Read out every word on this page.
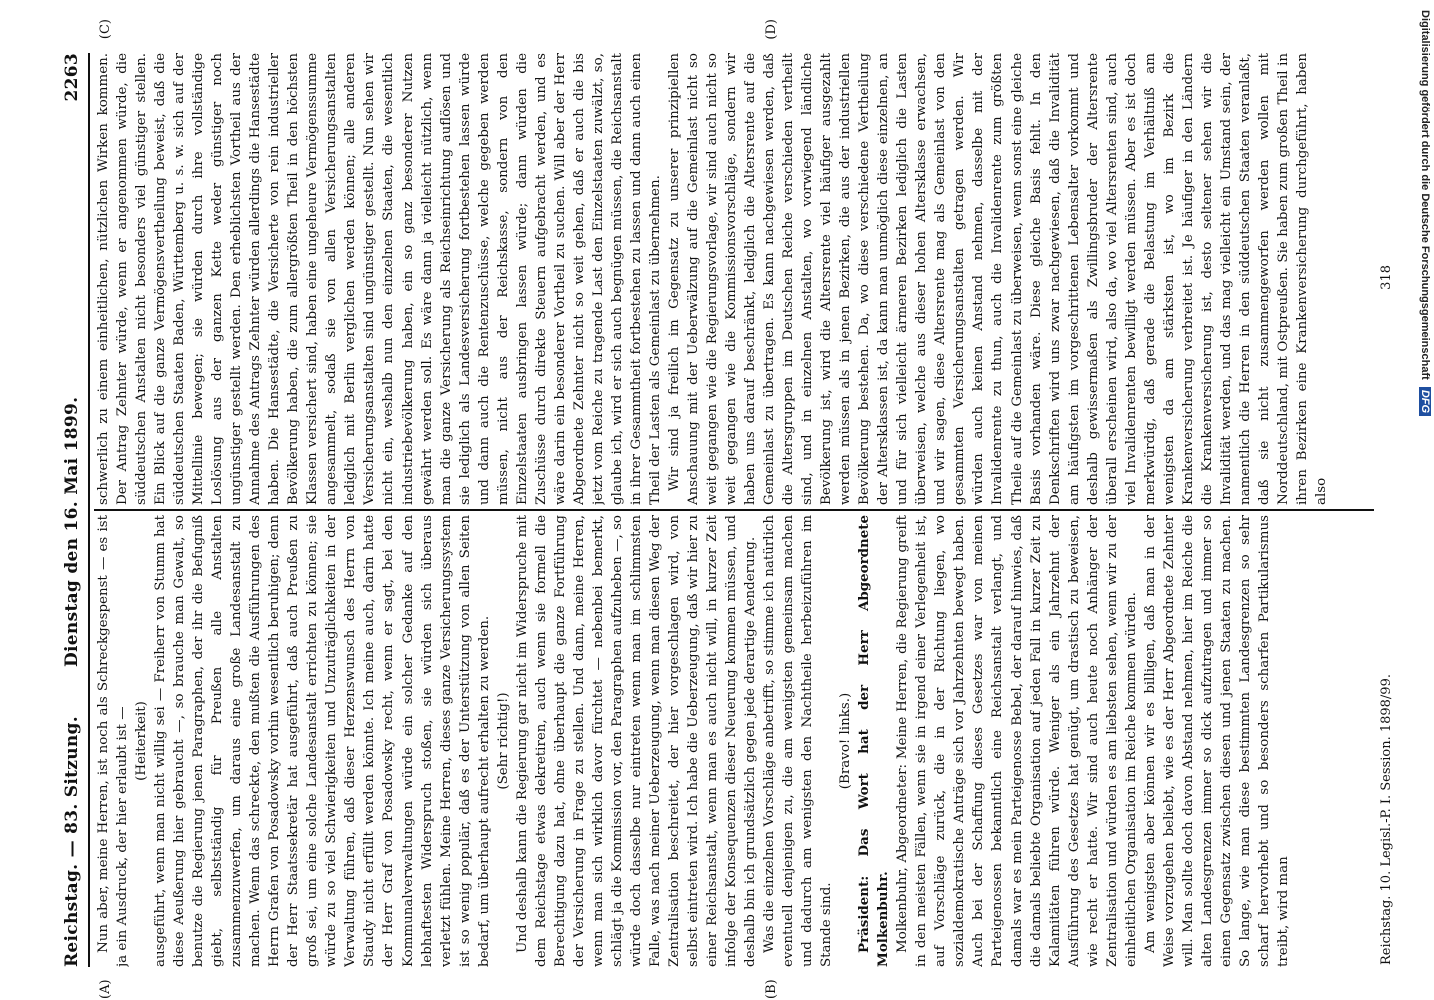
Reichstag. — 83. Sitzung.
Dienstag den 16. Mai 1899.
2263

Nun aber, meine Herren, ist noch als Schreckgespenst — es ist ja ein Ausdruck, der hier erlaubt ist — (Heiterkeit) ausgeführt, wenn man nicht willig sei — Freiherr von Stumm hat diese Aeußerung hier gebraucht —, so brauche man Gewalt, so benutze die Regierung jenen Paragraphen, der ihr die Befugniß giebt, selbstständig für Preußen alle Anstalten zusammenzuwerfen, um daraus eine große Landesanstalt zu machen. Wenn das schreckte, den mußten die Ausführungen des Herrn Grafen von Posadowsky vorhin wesentlich beruhigen; denn der Herr Staatssekretär hat ausgeführt, daß auch Preußen zu groß sei, um eine solche Landesanstalt errichten zu können; sie würde zu so viel Schwierigkeiten und Unzuträglichkeiten in der Verwaltung führen, daß dieser Herzenswunsch des Herrn von Staudy nicht erfüllt werden könnte. Ich meine auch, darin hatte der Herr Graf von Posadowsky recht, wenn er sagt, bei den Kommunalverwaltungen würde ein solcher Gedanke auf den lebhaftesten Widerspruch stoßen, sie würden sich überaus verletzt fühlen. Meine Herren, dieses ganze Versicherungssystem ist so wenig populär, daß es der Unterstützung von allen Seiten bedarf, um überhaupt aufrecht erhalten zu werden. (Sehr richtig!) Und deshalb kann die Regierung gar nicht im Widerspruche mit dem Reichstage etwas dekretiren, auch wenn sie formell die Berechtigung dazu hat, ohne überhaupt die ganze Fortführung der Versicherung in Frage zu stellen. Und dann, meine Herren, wenn man sich wirklich davor fürchtet — nebenbei bemerkt, schlägt ja die Kommission vor, den Paragraphen aufzuheben —, so würde doch dasselbe nur eintreten wenn man im schlimmsten Falle, was nach meiner Ueberzeugung, wenn man diesen Weg der Zentralisation beschreitet, der hier vorgeschlagen wird, von selbst eintreten wird. Ich habe die Ueberzeugung, daß wir hier zu einer Reichsanstalt, wenn man es auch nicht will, in kurzer Zeit infolge der Konsequenzen dieser Neuerung kommen müssen, und deshalb bin ich grundsätzlich gegen jede derartige Aenderung. Was die einzelnen Vorschläge anbetrifft, so stimme ich natürlich eventuell denjenigen zu, die am wenigsten gemeinsam machen und dadurch am wenigsten den Nachtheile herbeizuführen im Stande sind.

(Bravo! links.) Präsident: Das Wort hat der Herr Abgeordnete Molkenbuhr. Molkenbuhr, Abgeordneter: Meine Herren, die Regierung greift in den meisten Fällen, wenn sie in irgend einer Verlegenheit ist, auf Vorschläge zurück, die in der Richtung liegen, wo sozialdemokratische Anträge sich vor Jahrzehnten bewegt haben. Auch bei der Schaffung dieses Gesetzes war von meinen Parteigenossen bekanntlich eine Reichsanstalt verlangt, und damals war es mein Parteigenosse Bebel, der darauf hinwies, daß die damals beliebte Organisation auf jeden Fall in kurzer Zeit zu Kalamitäten führen würde. Weniger als ein Jahrzehnt der Ausführung des Gesetzes hat genügt, um drastisch zu beweisen, wie recht er hatte. Wir sind auch heute noch Anhänger der Zentralisation und würden es am liebsten sehen, wenn wir zu der einheitlichen Organisation im Reiche kommen würden. Am wenigsten aber können wir es billigen, daß man in der Weise vorzugehen beliebt, wie es der Herr Abgeordnete Zehnter will. Man sollte doch davon Abstand nehmen, hier im Reiche die alten Landesgrenzen immer so dick aufzutragen und immer so einen Gegensatz zwischen diesen und jenen Staaten zu machen. So lange, wie man diese bestimmten Landesgrenzen so sehr scharf hervorhebt und so besonders scharfen Partikularismus treibt, wird man

schwerlich zu einem einheitlichen, nützlichen Wirken kommen. Der Antrag Zehnter würde, wenn er angenommen würde, die süddeutschen Anstalten nicht besonders viel günstiger stellen. Ein Blick auf die ganze Vermögensvertheilung beweist, daß die süddeutschen Staaten Baden, Württemberg u. s. w. sich auf der Mittellinie bewegen; sie würden durch ihre vollständige Loslösung aus der ganzen Kette weder günstiger noch ungünstiger gestellt werden. Den erheblichsten Vortheil aus der Annahme des Antrags Zehnter würden allerdings die Hansestädte haben. Die Hansestädte, die Versicherte von rein industrieller Bevölkerung haben, die zum allergrößten Theil in den höchsten Klassen versichert sind, haben eine ungeheure Vermögenssumme angesammelt, sodaß sie von allen Versicherungsanstalten lediglich mit Berlin verglichen werden können; alle anderen Versicherungsanstalten sind ungünstiger gestellt. Nun sehen wir nicht ein, weshalb nun den einzelnen Staaten, die wesentlich industriebevölkerung haben, ein so ganz besonderer Nutzen gewährt werden soll. Es wäre dann ja vielleicht nützlich, wenn man die ganze Versicherung als Reichseinrichtung auflösen und sie lediglich als Landesversicherung fortbestehen lassen würde und dann auch die Rentenzuschüsse, welche gegeben werden müssen, nicht aus der Reichskasse, sondern von den Einzelstaaten ausbringen lassen würde; dann würden die Zuschüsse durch direkte Steuern aufgebracht werden, und es wäre darin ein besonderer Vortheil zu suchen. Will aber der Herr Abgeordnete Zehnter nicht so weit gehen, daß er auch die bis jetzt vom Reiche zu tragende Last den Einzelstaaten zuwälzt, so, glaube ich, wird er sich auch begnügen müssen, die Reichsanstalt in ihrer Gesammtheit fortbestehen zu lassen und dann auch einen Theil der Lasten als Gemeinlast zu übernehmen. Wir sind ja freilich im Gegensatz zu unserer prinzipiellen Anschauung mit der Ueberwälzung auf die Gemeinlast nicht so weit gegangen wie die Regierungsvorlage, wir sind auch nicht so weit gegangen wie die Kommissionsvorschläge, sondern wir haben uns darauf beschränkt, lediglich die Altersrente auf die Gemeinlast zu übertragen. Es kann nachgewiesen werden, daß die Altersgruppen im Deutschen Reiche verschieden vertheilt sind, und in einzelnen Anstalten, wo vorwiegend ländliche Bevölkerung ist, wird die Altersrente viel häufiger ausgezahlt werden müssen als in jenen Bezirken, die aus der industriellen Bevölkerung bestehen. Da, wo diese verschiedene Vertheilung der Altersklassen ist, da kann man unmöglich diese einzelnen, an und für sich vielleicht ärmeren Bezirken lediglich die Lasten überweisen, welche aus dieser hohen Altersklasse erwachsen, und wir sagen, diese Altersrente mag als Gemeinlast von den gesammten Versicherungsanstalten getragen werden. Wir würden auch keinen Anstand nehmen, dasselbe mit der Invalidenrente zu thun, auch die Invalidenrente zum größten Theile auf die Gemeinlast zu überweisen, wenn sonst eine gleiche Basis vorhanden wäre. Diese gleiche Basis fehlt. In den Denkschriften wird uns zwar nachgewiesen, daß die Invalidität am häufigsten im vorgeschrittenen Lebensalter vorkommt und deshalb gewissermaßen als Zwillingsbruder der Altersrente überall erscheinen wird, also da, wo viel Altersrenten sind, auch viel Invalidenrenten bewilligt werden müssen. Aber es ist doch merkwürdig, daß gerade die Belastung im Verhältniß am wenigsten da am stärksten ist, wo im Bezirk die Krankenversicherung verbreitet ist. Je häufiger in den Ländern die Krankenversicherung ist, desto seltener sehen wir die Invalidität werden, und das mag vielleicht ein Umstand sein, der namentlich die Herren in den süddeutschen Staaten veranlaßt, daß sie nicht zusammengeworfen werden wollen mit Norddeutschland, mit Ostpreußen. Sie haben zum großen Theil in ihren Bezirken eine Krankenversicherung durchgeführt, haben also

(A)	(B)
(C)	(D)
Reichstag. 10. Legisl.-P. I. Session. 1898/99.
318 Digitalisierung gefördert durch die Deutsche Forschungsgemeinschaft DFG
